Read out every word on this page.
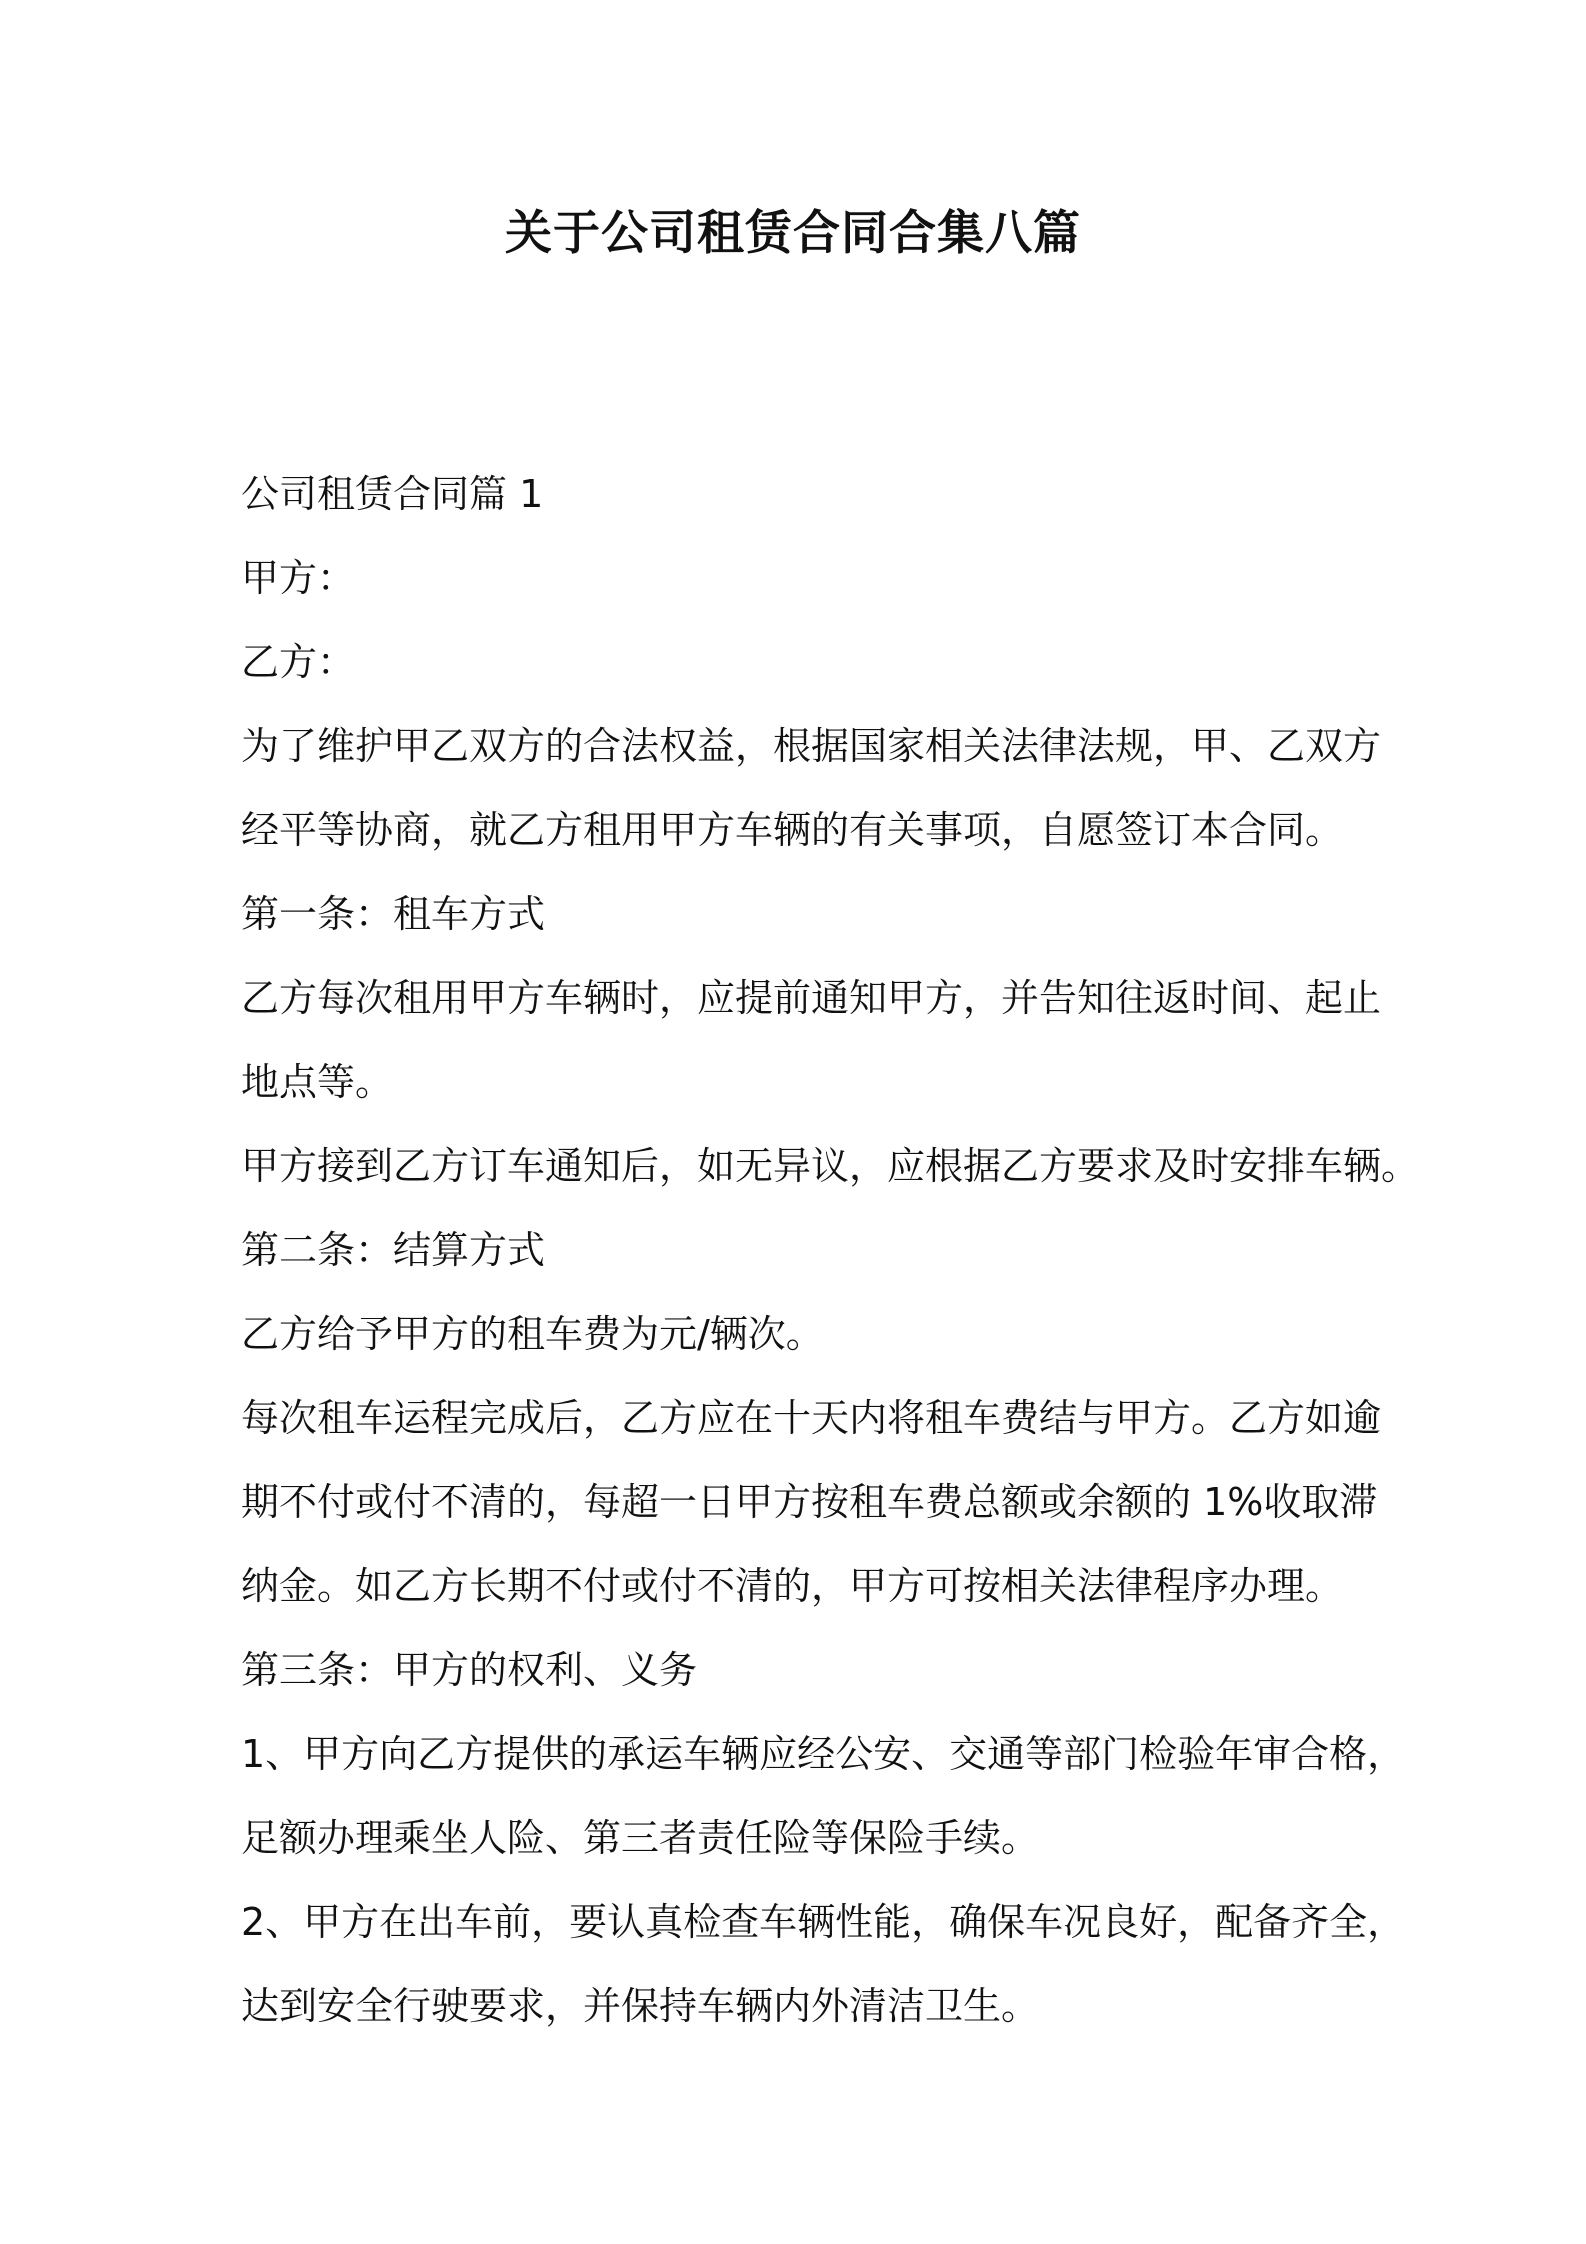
关于公司租赁合同合集八篇
公司租赁合同篇 1
甲方：
乙方：
为了维护甲乙双方的合法权益，根据国家相关法律法规，甲、乙双方
经平等协商，就乙方租用甲方车辆的有关事项，自愿签订本合同。
第一条：租车方式
乙方每次租用甲方车辆时，应提前通知甲方，并告知往返时间、起止
地点等。
甲方接到乙方订车通知后，如无异议，应根据乙方要求及时安排车辆。
第二条：结算方式
乙方给予甲方的租车费为元/辆次。
每次租车运程完成后，乙方应在十天内将租车费结与甲方。乙方如逾
期不付或付不清的，每超一日甲方按租车费总额或余额的 1%收取滞
纳金。如乙方长期不付或付不清的，甲方可按相关法律程序办理。
第三条：甲方的权利、义务
1、甲方向乙方提供的承运车辆应经公安、交通等部门检验年审合格，
足额办理乘坐人险、第三者责任险等保险手续。
2、甲方在出车前，要认真检查车辆性能，确保车况良好，配备齐全，
达到安全行驶要求，并保持车辆内外清洁卫生。
